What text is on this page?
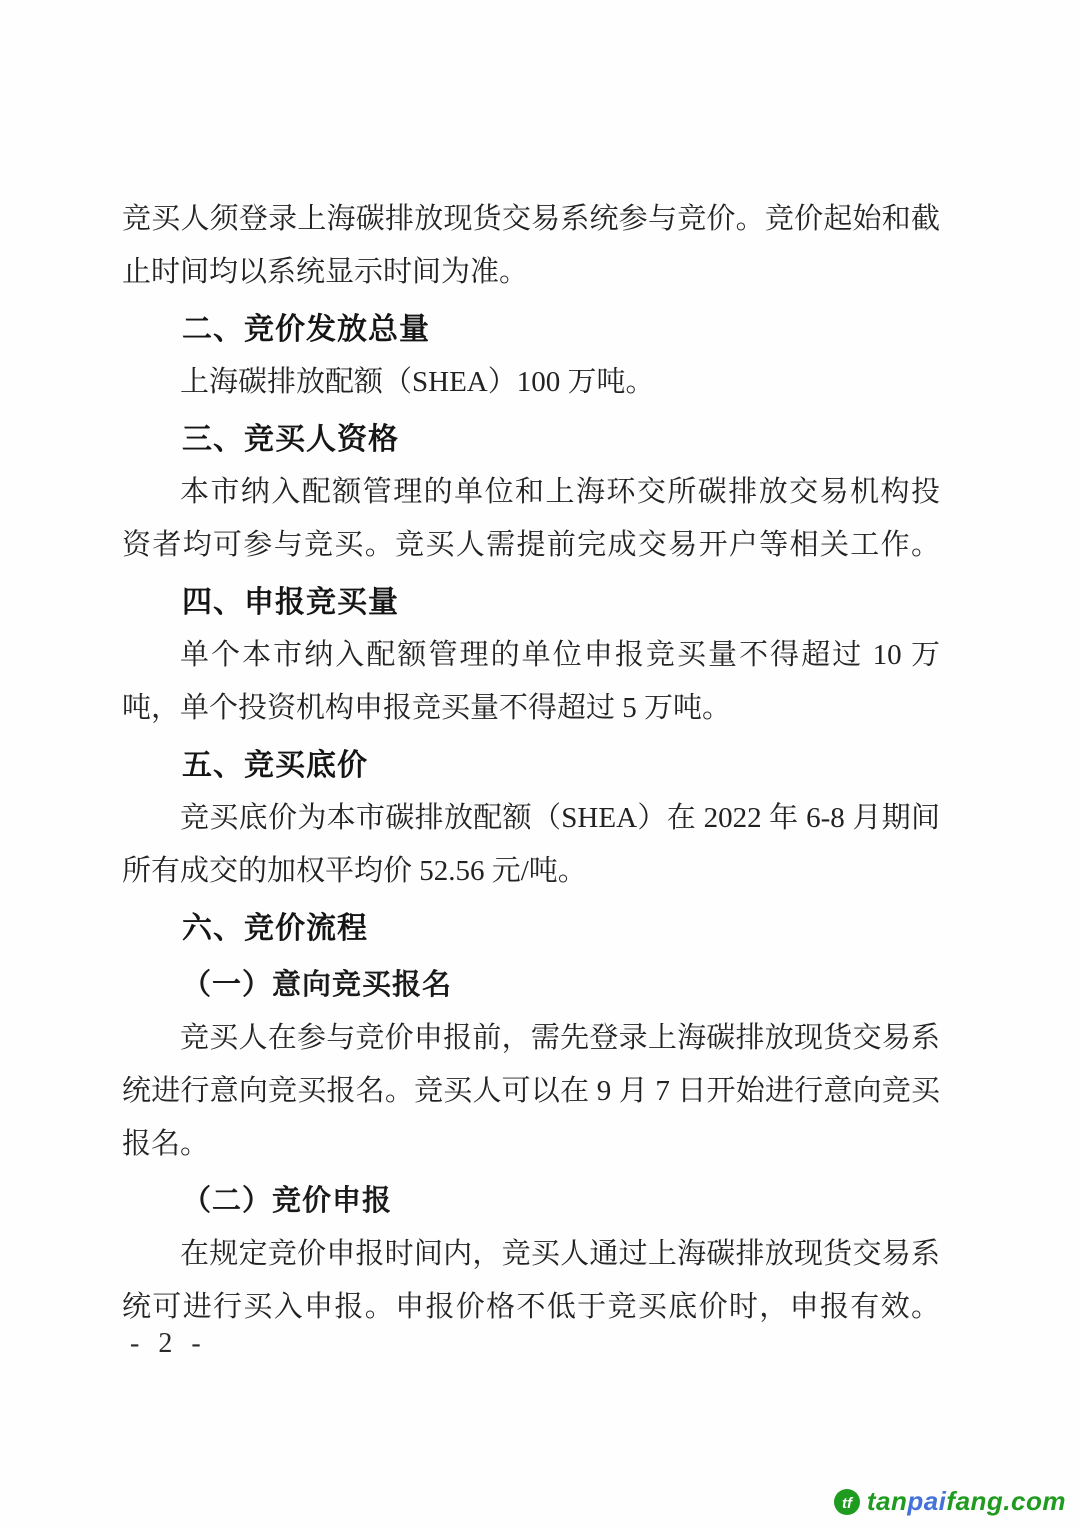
竞买人须登录上海碳排放现货交易系统参与竞价。竞价起始和截
止时间均以系统显示时间为准。
二、竞价发放总量
上海碳排放配额（SHEA）100 万吨。
三、竞买人资格
本市纳入配额管理的单位和上海环交所碳排放交易机构投
资者均可参与竞买。竞买人需提前完成交易开户等相关工作。
四、申报竞买量
单个本市纳入配额管理的单位申报竞买量不得超过 10 万
吨，单个投资机构申报竞买量不得超过 5 万吨。
五、竞买底价
竞买底价为本市碳排放配额（SHEA）在 2022 年 6-8 月期间
所有成交的加权平均价 52.56 元/吨。
六、竞价流程
（一）意向竞买报名
竞买人在参与竞价申报前，需先登录上海碳排放现货交易系
统进行意向竞买报名。竞买人可以在 9 月 7 日开始进行意向竞买
报名。
（二）竞价申报
在规定竞价申报时间内，竞买人通过上海碳排放现货交易系
统可进行买入申报。申报价格不低于竞买底价时，申报有效。
- 2 -
tf tanpaifang.com
